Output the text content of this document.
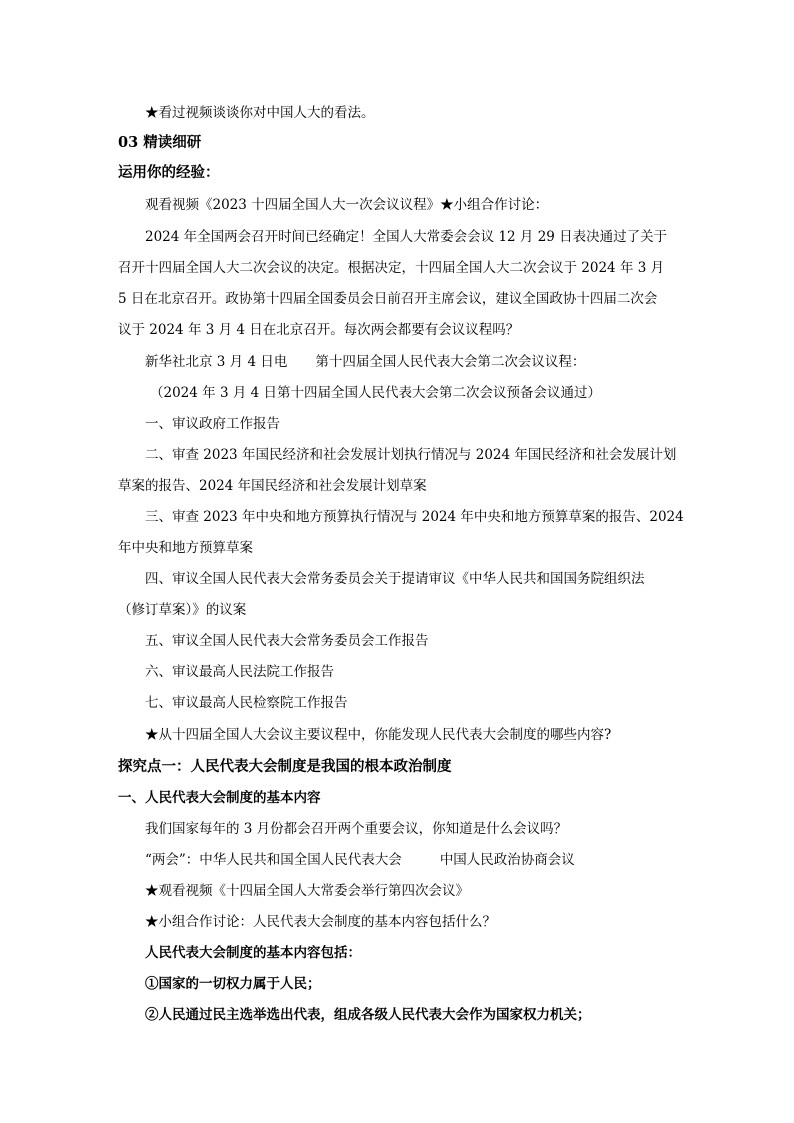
★看过视频谈谈你对中国人大的看法。
03 精读细研
运用你的经验：
观看视频《2023 十四届全国人大一次会议议程》★小组合作讨论：
2024 年全国两会召开时间已经确定！全国人大常委会会议 12 月 29 日表决通过了关于
召开十四届全国人大二次会议的决定。根据决定，十四届全国人大二次会议于 2024 年 3 月
5 日在北京召开。政协第十四届全国委员会日前召开主席会议，建议全国政协十四届二次会
议于 2024 年 3 月 4 日在北京召开。每次两会都要有会议议程吗？
新华社北京 3 月 4 日电 第十四届全国人民代表大会第二次会议议程：
（2024 年 3 月 4 日第十四届全国人民代表大会第二次会议预备会议通过）
一、审议政府工作报告
二、审查 2023 年国民经济和社会发展计划执行情况与 2024 年国民经济和社会发展计划
草案的报告、2024 年国民经济和社会发展计划草案
三、审查 2023 年中央和地方预算执行情况与 2024 年中央和地方预算草案的报告、2024
年中央和地方预算草案
四、审议全国人民代表大会常务委员会关于提请审议《中华人民共和国国务院组织法
（修订草案）》的议案
五、审议全国人民代表大会常务委员会工作报告
六、审议最高人民法院工作报告
七、审议最高人民检察院工作报告
★从十四届全国人大会议主要议程中，你能发现人民代表大会制度的哪些内容?
探究点一：人民代表大会制度是我国的根本政治制度
一、人民代表大会制度的基本内容
我们国家每年的 3 月份都会召开两个重要会议，你知道是什么会议吗？
“两会”：中华人民共和国全国人民代表大会	中国人民政治协商会议
★观看视频《十四届全国人大常委会举行第四次会议》
★小组合作讨论：人民代表大会制度的基本内容包括什么？
人民代表大会制度的基本内容包括：
①国家的一切权力属于人民；
②人民通过民主选举选出代表，组成各级人民代表大会作为国家权力机关；
